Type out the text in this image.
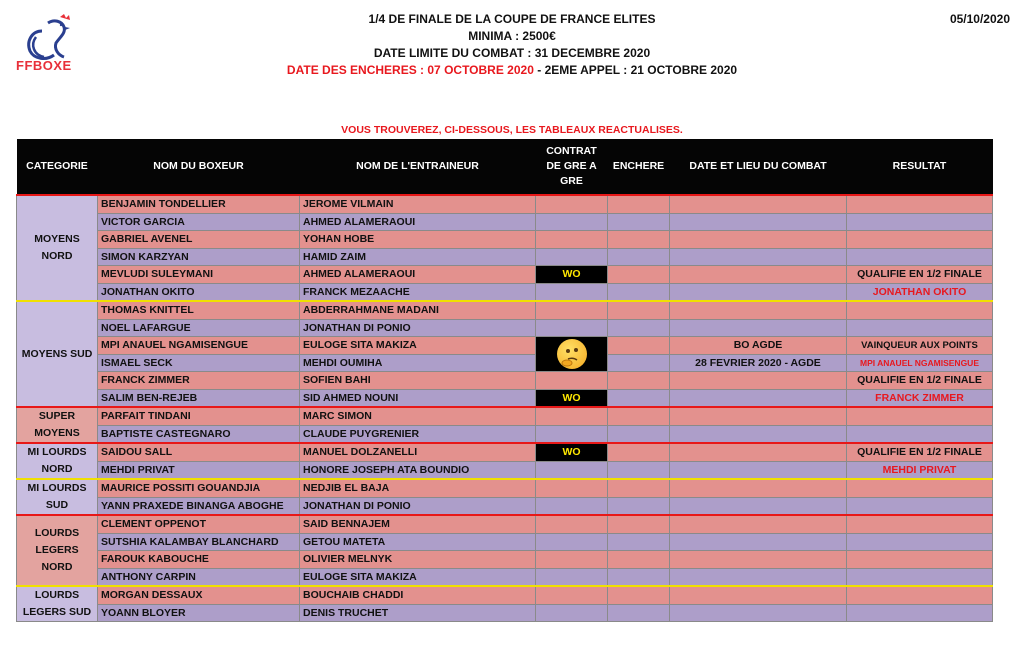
FFBOXE
05/10/2020
1/4 DE FINALE DE LA COUPE DE FRANCE ELITES
MINIMA : 2500€
DATE LIMITE DU COMBAT : 31 DECEMBRE 2020
DATE DES ENCHERES : 07 OCTOBRE 2020 - 2EME APPEL : 21 OCTOBRE 2020
VOUS TROUVEREZ, CI-DESSOUS, LES TABLEAUX REACTUALISES.
CATEGORIE	NOM DU BOXEUR	NOM DE L'ENTRAINEUR	CONTRAT
DE GRE A
GRE	ENCHERE	DATE ET LIEU DU COMBAT	RESULTAT
MOYENS
NORD	BENJAMIN TONDELLIER	JEROME VILMAIN				
	VICTOR GARCIA	AHMED ALAMERAOUI				
	GABRIEL AVENEL	YOHAN HOBE				
	SIMON KARZYAN	HAMID ZAIM				
	MEVLUDI SULEYMANI	AHMED ALAMERAOUI	WO			QUALIFIE EN 1/2 FINALE
	JONATHAN OKITO	FRANCK MEZAACHE				JONATHAN OKITO
MOYENS SUD	THOMAS KNITTEL	ABDERRAHMANE MADANI				
	NOEL LAFARGUE	JONATHAN DI PONIO				
	MPI ANAUEL NGAMISENGUE	EULOGE SITA MAKIZA			BO AGDE	VAINQUEUR AUX POINTS
	ISMAEL SECK	MEHDI OUMIHA			28 FEVRIER 2020 - AGDE	MPI ANAUEL NGAMISENGUE
	FRANCK ZIMMER	SOFIEN BAHI				QUALIFIE EN 1/2 FINALE
	SALIM BEN-REJEB	SID AHMED NOUNI	WO			FRANCK ZIMMER
SUPER
MOYENS	PARFAIT TINDANI	MARC SIMON				
	BAPTISTE CASTEGNARO	CLAUDE PUYGRENIER				
MI LOURDS
NORD	SAIDOU SALL	MANUEL DOLZANELLI	WO			QUALIFIE EN 1/2 FINALE
	MEHDI PRIVAT	HONORE JOSEPH ATA BOUNDIO				MEHDI PRIVAT
MI LOURDS
SUD	MAURICE POSSITI GOUANDJIA	NEDJIB EL BAJA				
	YANN PRAXEDE BINANGA ABOGHE	JONATHAN DI PONIO				
LOURDS
LEGERS
NORD	CLEMENT OPPENOT	SAID BENNAJEM				
	SUTSHIA KALAMBAY BLANCHARD	GETOU MATETA				
	FAROUK KABOUCHE	OLIVIER MELNYK				
	ANTHONY CARPIN	EULOGE SITA MAKIZA				
LOURDS
LEGERS SUD	MORGAN DESSAUX	BOUCHAIB CHADDI				
	YOANN BLOYER	DENIS TRUCHET				
